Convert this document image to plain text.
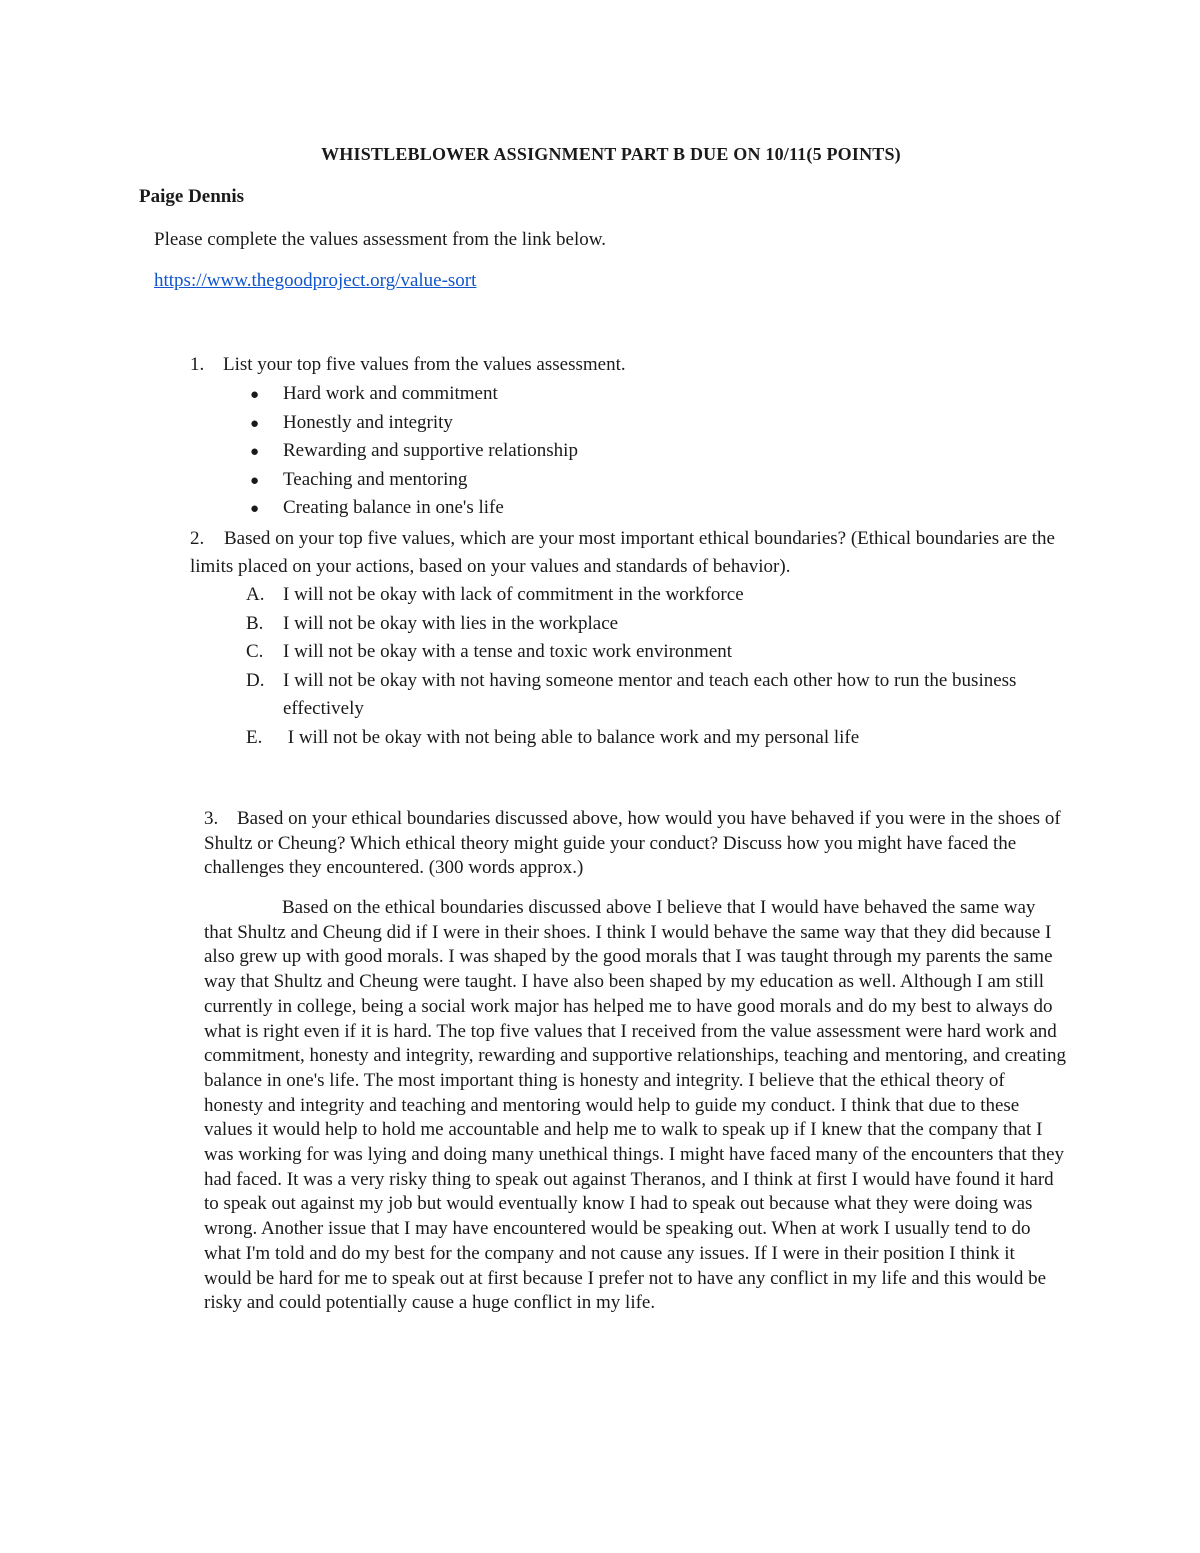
WHISTLEBLOWER ASSIGNMENT PART B DUE ON 10/11(5 POINTS)
Paige Dennis
Please complete the values assessment from the link below.
https://www.thegoodproject.org/value-sort
1. List your top five values from the values assessment.
● Hard work and commitment
● Honestly and integrity
● Rewarding and supportive relationship
● Teaching and mentoring
● Creating balance in one's life
2. Based on your top five values, which are your most important ethical boundaries? (Ethical boundaries are the limits placed on your actions, based on your values and standards of behavior).
A. I will not be okay with lack of commitment in the workforce
B.	I will not be okay with lies in the workplace
C.	I will not be okay with a tense and toxic work environment
D. I will not be okay with not having someone mentor and teach each other how to run the business effectively
E.	I will not be okay with not being able to balance work and my personal life
3. Based on your ethical boundaries discussed above, how would you have behaved if you were in the shoes of Shultz or Cheung? Which ethical theory might guide your conduct? Discuss how you might have faced the challenges they encountered. (300 words approx.)
Based on the ethical boundaries discussed above I believe that I would have behaved the same way that Shultz and Cheung did if I were in their shoes. I think I would behave the same way that they did because I also grew up with good morals. I was shaped by the good morals that I was taught through my parents the same way that Shultz and Cheung were taught. I have also been shaped by my education as well. Although I am still currently in college, being a social work major has helped me to have good morals and do my best to always do what is right even if it is hard. The top five values that I received from the value assessment were hard work and commitment, honesty and integrity, rewarding and supportive relationships, teaching and mentoring, and creating balance in one's life. The most important thing is honesty and integrity. I believe that the ethical theory of honesty and integrity and teaching and mentoring would help to guide my conduct. I think that due to these values it would help to hold me accountable and help me to walk to speak up if I knew that the company that I was working for was lying and doing many unethical things. I might have faced many of the encounters that they had faced. It was a very risky thing to speak out against Theranos, and I think at first I would have found it hard to speak out against my job but would eventually know I had to speak out because what they were doing was wrong. Another issue that I may have encountered would be speaking out. When at work I usually tend to do what I'm told and do my best for the company and not cause any issues. If I were in their position I think it would be hard for me to speak out at first because I prefer not to have any conflict in my life and this would be risky and could potentially cause a huge conflict in my life.
